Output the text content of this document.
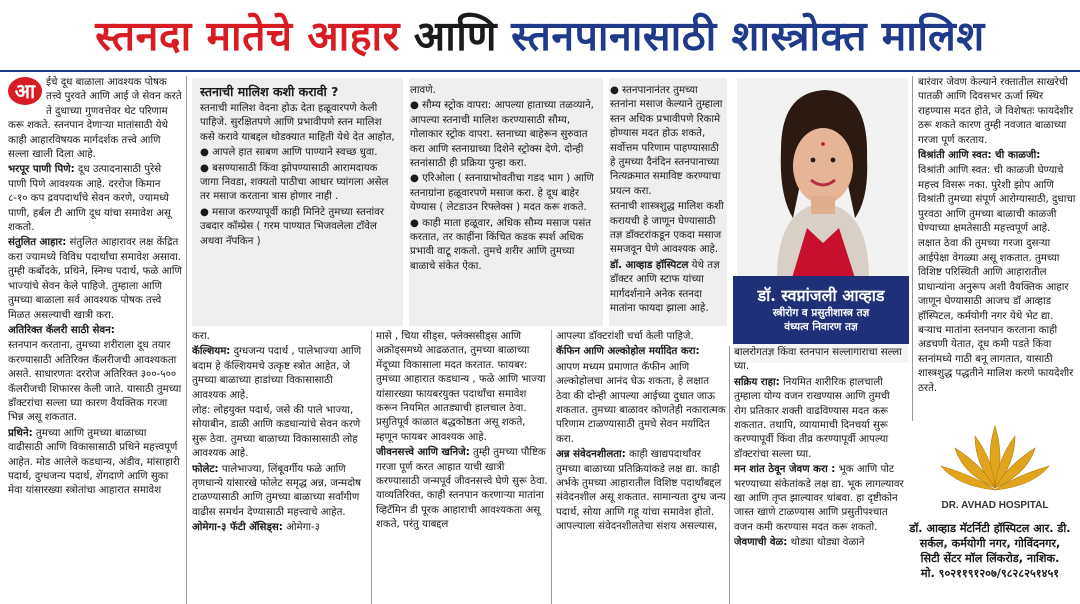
स्तनदा मातेचे आहार आणि स्तनपानासाठी शास्त्रोक्त मालिश

आ	ईचे दूध बाळाला आवश्यक पोषक तत्त्वे पुरवते आणि आई जे सेवन करते ते दुधाच्या गुणवत्तेवर थेट परिणाम करू शकते. स्तनपान देणाऱ्या मातांसाठी येथे काही आहारविषयक मार्गदर्शक तत्त्वे आणि सल्ला खाली दिला आहे.

भरपूर पाणी पिणे: दूध उत्पादनासाठी पुरेसे पाणी पिणे आवश्यक आहे. दररोज किमान ८-१० कप द्रवपदार्थांचे सेवन करणे, ज्यामध्ये पाणी, हर्बल टी आणि दूध यांचा समावेश असू शकतो.

संतुलित आहार: संतुलित आहारावर लक्ष केंद्रित करा ज्यामध्ये विविध पदार्थांचा समावेश असावा. तुम्ही कर्बोदके, प्रथिने, स्निग्ध पदार्थ, फळे आणि भाज्यांचे सेवन केले पाहिजे. तुम्हाला आणि तुमच्या बाळाला सर्व आवश्यक पोषक तत्त्वे मिळत असल्याची खात्री करा.

अतिरिक्त कॅलरी साठी सेवन:

स्तनपान करताना, तुमच्या शरीराला दूध तयार करण्यासाठी अतिरिक्त कॅलरीजची आवश्यकता असते. साधारणतः दररोज अतिरिक्त ३००-५०० कॅलरीजची शिफारस केली जाते. यासाठी तुमच्या डॉक्टरांचा सल्ला घ्या कारण वैयक्तिक गरजा भिन्न असू शकतात.

प्रथिने: तुमच्या आणि तुमच्या बाळाच्या वाढीसाठी आणि विकासासाठी प्रथिने महत्त्वपूर्ण आहेत. मोड आलेले कडधान्य, अंडीव, मांसाहारी पदार्थ, दुग्धजन्य पदार्थ, शेंगदाणे आणि सुका मेवा यांसारख्या स्त्रोतांचा आहारात समावेश

स्तनाची मालिश कशी करावी ?

स्तनाची मालिश वेदना होऊ देता हळूवारपणे केली पाहिजे. सुरक्षितपणे आणि प्रभावीपणे स्तन मालिश कसे करावे याबद्दल थोडक्यात माहिती येथे देत आहोत,

● आपले हात साबण आणि पाण्याने स्वच्छ धुवा.

● बसण्यासाठी किंवा झोपण्यासाठी आरामदायक जागा निवडा, शक्यतो पाठीचा आधार घ्यांगला असेल तर मसाज करताना त्रास होणार नाही .

● मसाज करण्यापूर्वी काही मिनिटे तुमच्या स्तनांवर उबदार कॉम्प्रेस ( गरम पाण्यात भिजवलेला टॉवेल अथवा नॅपकिन )

लावणे.

● सौम्य स्ट्रोक वापरा: आपल्या हाताच्या तळव्याने, आपल्या स्तनाची मालिश करण्यासाठी सौम्य, गोलाकार स्ट्रोक वापरा. स्तनाच्या बाहेरून सुरुवात करा आणि स्तनाग्राच्या दिशेने स्ट्रोक्स देणे. दोन्ही स्तनांसाठी ही प्रक्रिया पुन्हा करा.

● एरिओला ( स्तनाग्राभोवतीचा गडद भाग ) आणि स्तनाग्रांना हळूवारपणे मसाज करा. हे दूध बाहेर येण्यास ( लेटडाउन रिफ्लेक्स ) मदत करू शकते.

● काही माता हळूवार, अधिक सौम्य मसाज पसंत करतात, तर काहींना किंचित कडक स्पर्श अधिक प्रभावी वाटू शकतो. तुमचे शरीर आणि तुमच्या बाळाचे संकेत ऐका.

● स्तनपानानंतर तुमच्या स्तनांना मसाज केल्याने तुम्हाला स्तन अधिक प्रभावीपणे रिकामे होण्यास मदत होऊ शकते, सर्वोत्तम परिणाम पाहण्यासाठी हे तुमच्या दैनंदिन स्तनपानाच्या नित्यक्रमात समाविष्ट करण्याचा प्रयत्न करा.

स्तनाची शास्त्रशुद्ध मालिश कशी करायची हे जाणून घेण्यासाठी तज्ञ डॉक्टरांकडून एकदा मसाज समजवून घेणे आवश्यक आहे.

डॉ. आव्हाड हॉस्पिटल येथे तज्ञ डॉक्टर आणि स्टाफ यांच्या मार्गदर्शनाने अनेक स्तनदा मातांना फायदा झाला आहे.

डॉ. स्वप्नांजली आव्हाड
स्त्रीरोग व प्रसुतीशास्त्र तज्ञ
वंध्यत्व निवारण तज्ञ

बारंवार जेवण केल्याने रक्तातील साखरेची पातळी आणि दिवसभर ऊर्जा स्थिर राहण्यास मदत होते, जे विशेषतः फायदेशीर ठरू शकते कारण तुम्ही नवजात बाळाच्या गरजा पूर्ण करताय.

विश्रांती आणि स्वत: ची काळजी:

विश्रांती आणि स्वत: ची काळजी घेण्याचे महत्त्व विसरू नका. पुरेशी झोप आणि विश्रांती तुमच्या संपूर्ण आरोग्यासाठी, दुधाचा पुरवठा आणि तुमच्या बाळाची काळजी घेण्याच्या क्षमतेसाठी महत्त्वपूर्ण आहे.

लक्षात ठेवा की तुमच्या गरजा दुसऱ्या आईपेक्षा वेगळ्या असू शकतात. तुमच्या विशिष्ट परिस्थिती आणि आहारातील प्राधान्यांना अनुरूप अशी वैयक्तिक आहार जाणून घेण्यासाठी आजच डॉ आव्हाड हॉस्पिटल, कर्मयोगी नगर येथे भेट द्या. बऱ्याच मातांना स्तनपान करताना काही अडचणी येतात, दूध कमी पडते किंवा स्तनांमध्ये गाठी बनू लागतात, यासाठी शास्त्रशुद्ध पद्धतीने मालिश करणे फायदेशीर ठरते.

करा.

कॅल्शियम: दुग्धजन्य पदार्थ , पालेभाज्या आणि बदाम हे कॅल्शियमचे उत्कृष्ट स्त्रोत आहेत, जे तुमच्या बाळाच्या हाडांच्या विकासासाठी आवश्यक आहे.

लोह: लोहयुक्त पदार्थ, जसे की पाले भाज्या, सोयाबीन, डाळी आणि कडधान्यांचे सेवन करणे सुरू ठेवा. तुमच्या बाळाच्या विकासासाठी लोह आवश्यक आहे.

फोलेट: पालेभाज्या, लिंबूवर्गीय फळे आणि तृणधान्ये यांसारखे फोलेट समृद्ध अन्न, जन्मदोष टाळण्यासाठी आणि तुमच्या बाळाच्या सर्वांगीण वाढीस समर्थन देण्यासाठी महत्त्वाचे आहेत.

ओमेगा-३ फॅटी ॲसिड्स: ओमेगा-३

मासे , चिया सीड्स, फ्लेक्ससीड्स आणि अक्रोड्समध्ये आढळतात, तुमच्या बाळाच्या मेंदूच्या विकासाला मदत करतात. फायबर: तुमच्या आहारात कडधान्य , फळे आणि भाज्या यांसारख्या फायबरयुक्त पदार्थांचा समावेश करून नियमित आतड्याची हालचाल ठेवा. प्रसुतिपूर्व काळात बद्धकोष्ठता असू शकते, म्हणून फायबर आवश्यक आहे.

जीवनसत्त्वे आणि खनिजे: तुम्ही तुमच्या पौष्टिक गरजा पूर्ण करत आहात याची खात्री करण्यासाठी जन्मपूर्व जीवनसत्त्वे घेणे सुरू ठेवा. याव्यतिरिक्त, काही स्तनपान करणाऱ्या मातांना व्हिटॅमिन डी पूरक आहाराची आवश्यकता असू शकते, परंतु याबद्दल

आपल्या डॉक्टरांशी चर्चा केली पाहिजे.

कॅफिन आणि अल्कोहोल मर्यादित करा:

आपण मध्यम प्रमाणात कॅफीन आणि अल्कोहोलचा आनंद घेऊ शकता, हे लक्षात ठेवा की दोन्ही आपल्या आईच्या दुधात जाऊ शकतात. तुमच्या बाळावर कोणतेही नकारात्मक परिणाम टाळण्यासाठी तुमचे सेवन मर्यादित करा.

अन्न संवेदनशीलता: काही खाद्यपदार्थांवर तुमच्या बाळाच्या प्रतिक्रियांकडे लक्ष द्या. काही अर्भके तुमच्या आहारातील विशिष्ट पदार्थांबद्दल संवेदनशील असू शकतात. सामान्यता दुग्ध जन्य पदार्थ, सोया आणि गहू यांचा समावेश होतो. आपल्याला संवेदनशीलतेचा संशय असल्यास,

बालरोगतज्ञ किंवा स्तनपान सल्लागाराचा सल्ला घ्या.

सक्रिय राहा: नियमित शारीरिक हालचाली तुम्हाला योग्य वजन राखण्यास आणि तुमची रोग प्रतिकार शक्ती वाढविण्यास मदत करू शकतात. तथापि, व्यायामाची दिनचर्या सुरू करण्यापूर्वी किंवा तीव्र करण्यापूर्वी आपल्या डॉक्टरांचा सल्ला घ्या.

मन शांत ठेवून जेवण करा : भूक आणि पोट भरण्याच्या संकेतांकडे लक्ष द्या. भूक लागल्यावर खा आणि तृप्त झाल्यावर थांबवा. हा दृष्टीकोन जास्त खाणे टाळण्यास आणि प्रसुतीपश्चात वजन कमी करण्यास मदत करू शकतो.

जेवणाची वेळ: थोड्या थोड्या वेळाने

DR. AVHAD HOSPITAL
डॉ. आव्हाड मॅटर्निटी हॉस्पिटल आर. डी.
सर्कल, कर्मयोगी नगर, गोविंदनगर,
सिटी सेंटर मॉल लिंकरोड, नाशिक.
मो. ९०२११९१२०७/९८२८२५१४५१
